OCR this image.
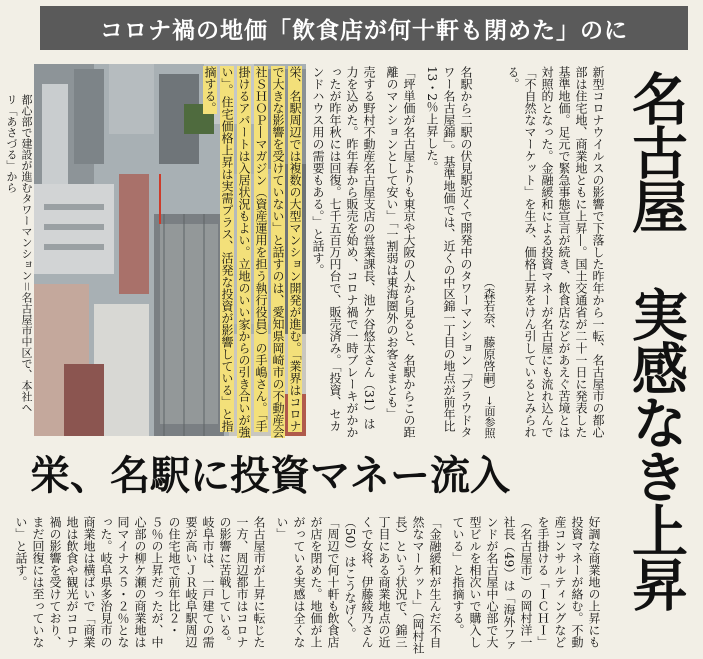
コロナ禍の地価「飲食店が何十軒も閉めた」のに
都心部で建設が進むタワーマンション＝名古屋市中区で、本社ヘリ「あさづる」から	新型コロナウイルスの影響で下落した昨年から一転、名古屋市の都心部は住宅地、商業地ともに上昇―。国土交通省が二十一日に発表した基準地価。足元で緊急事態宣言が続き、飲食店などがあえぐ苦境とは対照的となった。金融緩和による投資マネーが名古屋にも流れ込んで「不自然なマーケット」を生み、価格上昇をけん引しているとみられる。

（森若奈、藤原啓嗣）→面参照

名駅から二駅の伏見駅近くで開発中のタワーマンション「プラウドタワー名古屋錦」。基準地価では、近くの中区錦一丁目の地点が前年比13・2％上昇した。

「坪単価が名古屋よりも東京や大阪の人から見ると、名駅からこの距離のマンションとして安い」「一割弱は東海圏外のお客さまとも」

売する野村不動産名古屋支店の営業課長、池ケ谷悠太さん（31）は力を込めた。昨年春から販売を始め、コロナ禍で一時ブレーキがかかったが昨年秋には回復。七千五百万円台で、販売済み。「投資、セカンドハウス用の需要もある。」と話す。

栄、名駅周辺では複数の大型マンション開発が進む。「業界はコロナで大きな影響を受けていない」と話すのは、愛知県岡崎市の不動産会社ＳＨＯＰ―マガジン（資産運用を担う執行役員）の手嶋さん。「手掛けるアパートは入居状況もよい。立地のいい家からの引き合いが強い」。住宅価格上昇は実需プラス、活発な投資が影響している」と指摘する。	名古屋　実感なき上昇
栄、名駅に投資マネー流入

好調な商業地の上昇にも投資マネーが絡む。不動産コンサルティングなどを手掛ける「ＩＣＨＩ」（名古屋市）の岡村洋一社長（49）は「海外ファンドが名古屋中心部で大型ビルを相次いで購入している」と指摘する。

「金融緩和が生んだ不自然なマーケット」（岡村社長）という状況で、錦三丁目にある商業地点の近くで女将、伊藤綾乃さん（50）はこうなげく。「周辺で何十軒も飲食店が店を閉めた。地価が上がっている実感は全くない」

名古屋市が上昇に転じた一方、周辺都市はコロナの影響に苦戦している。岐阜市は、一戸建ての需要が高いＪＲ岐阜駅周辺の住宅地で前年比２・５％の上昇だったが、中心部の柳ケ瀬の商業地は同マイナス５・２％となった。岐阜県多治見市の商業地は横ばいで「商業地は飲食や観光がコロナ禍の影響を受けており、まだ回復には至っていない」と話す。
